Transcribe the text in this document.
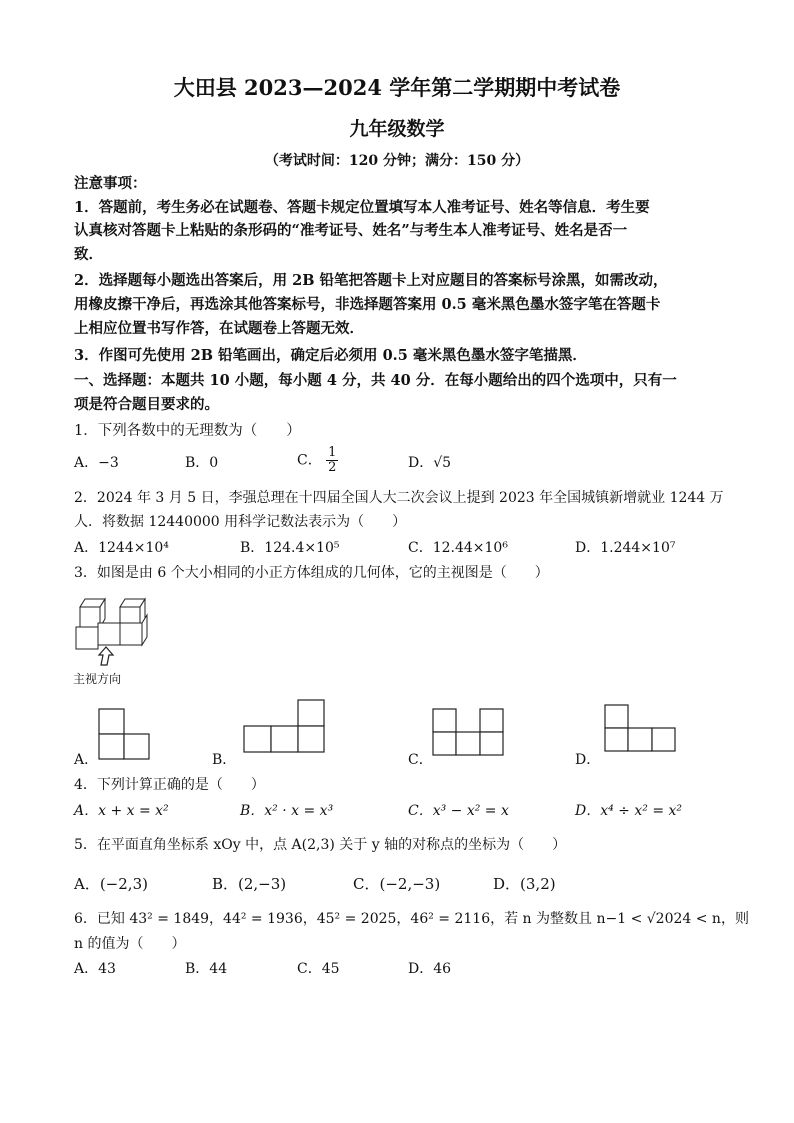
大田县 2023—2024 学年第二学期期中考试卷
九年级数学
（考试时间：120 分钟；满分：150 分）
注意事项：
1．答题前，考生务必在试题卷、答题卡规定位置填写本人准考证号、姓名等信息．考生要
认真核对答题卡上粘贴的条形码的“准考证号、姓名”与考生本人准考证号、姓名是否一
致．
2．选择题每小题选出答案后，用 2B 铅笔把答题卡上对应题目的答案标号涂黑，如需改动，
用橡皮擦干净后，再选涂其他答案标号，非选择题答案用 0.5 毫米黑色墨水签字笔在答题卡
上相应位置书写作答，在试题卷上答题无效．
3．作图可先使用 2B 铅笔画出，确定后必须用 0.5 毫米黑色墨水签字笔描黑．
一、选择题：本题共 10 小题，每小题 4 分，共 40 分．在每小题给出的四个选项中，只有一
项是符合题目要求的。
1．下列各数中的无理数为（　　）
A．−3	B．0	C． $\frac{1}{2}$	D．√5
2．2024 年 3 月 5 日，李强总理在十四届全国人大二次会议上提到 2023 年全国城镇新增就业 1244 万
人．将数据 12440000 用科学记数法表示为（　　）
A．1244×10⁴	B．124.4×10⁵	C．12.44×10⁶	D．1.244×10⁷
3．如图是由 6 个大小相同的小正方体组成的几何体，它的主视图是（　　）
主视方向
A．	B．	C．	D．
4．下列计算正确的是（　　）
A．x + x = x²	B．x² · x = x³	C．x³ − x² = x	D．x⁴ ÷ x² = x²
5．在平面直角坐标系 xOy 中，点 A(2,3) 关于 y 轴的对称点的坐标为（　　）
A．(−2,3)	B．(2,−3)	C．(−2,−3)	D．(3,2)
6．已知 43² = 1849，44² = 1936，45² = 2025，46² = 2116，若 n 为整数且 n−1 < √2024 < n，则
n 的值为（　　）
A．43	B．44	C．45	D．46
